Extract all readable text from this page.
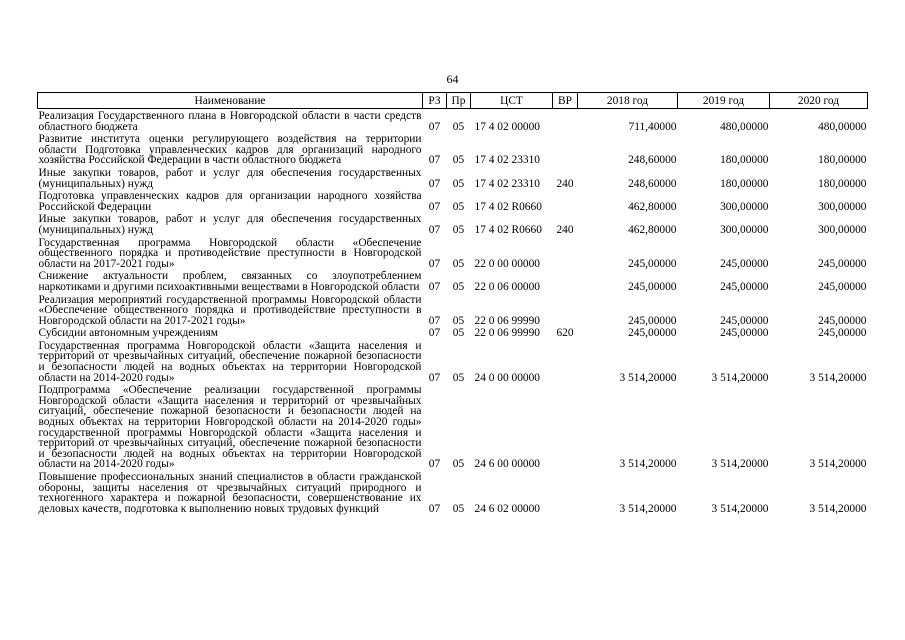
64
Наименование	РЗ	Пр	ЦСТ	ВР	2018 год	2019 год	2020 год

Реализация Государственного плана в Новгородской области в части средств областного бюджета	07	05	17 4 02 00000		711,40000	480,00000	480,00000

Развитие института оценки регулирующего воздействия на территории области Подготовка управленческих кадров для организаций народного хозяйства Российской Федерации в части областного бюджета	07	05	17 4 02 23310		248,60000	180,00000	180,00000

Иные закупки товаров, работ и услуг для обеспечения государственных (муниципальных) нужд	07	05	17 4 02 23310	240	248,60000	180,00000	180,00000

Подготовка управленческих кадров для организации народного хозяйства Российской Федерации	07	05	17 4 02 R0660		462,80000	300,00000	300,00000

Иные закупки товаров, работ и услуг для обеспечения государственных (муниципальных) нужд	07	05	17 4 02 R0660	240	462,80000	300,00000	300,00000

Государственная программа Новгородской области «Обеспечение общественного порядка и противодействие преступности в Новгородской области на 2017-2021 годы»	07	05	22 0 00 00000		245,00000	245,00000	245,00000

Снижение актуальности проблем, связанных со злоупотреблением наркотиками и другими психоактивными веществами в Новгородской области	07	05	22 0 06 00000		245,00000	245,00000	245,00000

Реализация мероприятий государственной программы Новгородской области «Обеспечение общественного порядка и противодействие преступности в Новгородской области на 2017-2021 годы»	07	05	22 0 06 99990		245,00000	245,00000	245,00000

Субсидии автономным учреждениям	07	05	22 0 06 99990	620	245,00000	245,00000	245,00000

Государственная программа Новгородской области «Защита населения и территорий от чрезвычайных ситуаций, обеспечение пожарной безопасности и безопасности людей на водных объектах на территории Новгородской области на 2014-2020 годы»	07	05	24 0 00 00000		3 514,20000	3 514,20000	3 514,20000

Подпрограмма «Обеспечение реализации государственной программы Новгородской области «Защита населения и территорий от чрезвычайных ситуаций, обеспечение пожарной безопасности и безопасности людей на водных объектах на территории Новгородской области на 2014-2020 годы» государственной программы Новгородской области «Защита населения и территорий от чрезвычайных ситуаций, обеспечение пожарной безопасности и безопасности людей на водных объектах на территории Новгородской области на 2014-2020 годы»	07	05	24 6 00 00000		3 514,20000	3 514,20000	3 514,20000

Повышение профессиональных знаний специалистов в области гражданской обороны, защиты населения от чрезвычайных ситуаций природного и техногенного характера и пожарной безопасности, совершенствование их деловых качеств, подготовка к выполнению новых трудовых функций	07	05	24 6 02 00000		3 514,20000	3 514,20000	3 514,20000
